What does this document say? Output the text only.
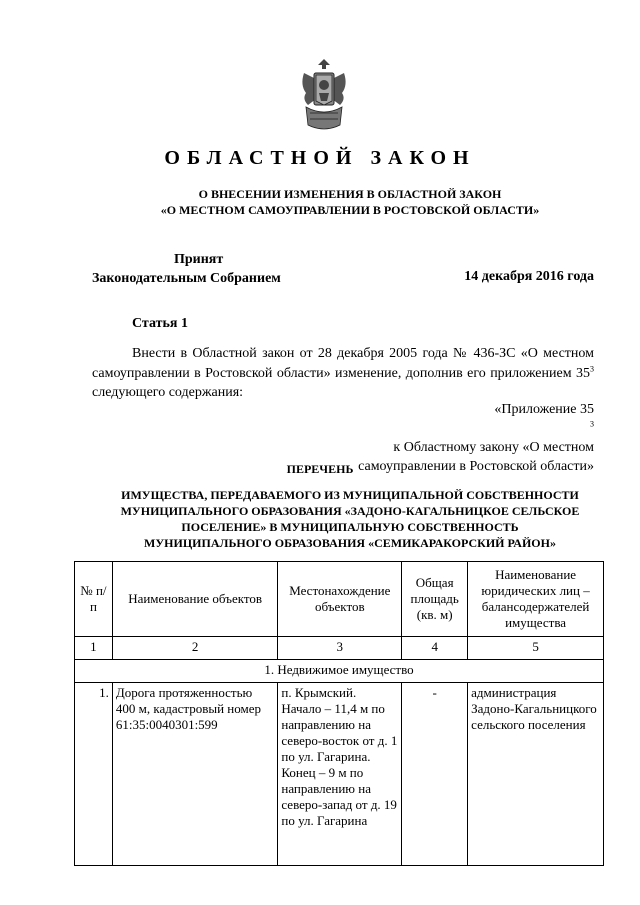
ОБЛАСТНОЙ ЗАКОН
О ВНЕСЕНИИ ИЗМЕНЕНИЯ В ОБЛАСТНОЙ ЗАКОН
«О МЕСТНОМ САМОУПРАВЛЕНИИ В РОСТОВСКОЙ ОБЛАСТИ»
Принят
Законодательным Собранием	14 декабря 2016 года
Статья 1
Внести в Областной закон от 28 декабря 2005 года № 436-ЗС «О местном самоуправлении в Ростовской области» изменение, дополнив его приложением $35^3$ следующего содержания:
«Приложение 35
$^3$
к Областному закону «О местном
самоуправлении в Ростовской области»
ПЕРЕЧЕНЬ
ИМУЩЕСТВА, ПЕРЕДАВАЕМОГО ИЗ МУНИЦИПАЛЬНОЙ СОБСТВЕННОСТИ
МУНИЦИПАЛЬНОГО ОБРАЗОВАНИЯ «ЗАДОНО-КАГАЛЬНИЦКОЕ СЕЛЬСКОЕ
ПОСЕЛЕНИЕ» В МУНИЦИПАЛЬНУЮ СОБСТВЕННОСТЬ
МУНИЦИПАЛЬНОГО ОБРАЗОВАНИЯ «СЕМИКАРАКОРСКИЙ РАЙОН»
№ п/п	Наименование объектов	Местонахождение объектов	Общая площадь (кв. м)	Наименование юридических лиц – балансодержателей имущества
1	2	3	4	5
1. Недвижимое имущество				
1.	Дорога протяженностью 400 м, кадастровый номер 61:35:0040301:599	п. Крымский. Начало – 11,4 м по направлению на северо-восток от д. 1 по ул. Гагарина. Конец – 9 м по направлению на северо-запад от д. 19 по ул. Гагарина	-	администрация Задоно-Кагальницкого сельского поселения
